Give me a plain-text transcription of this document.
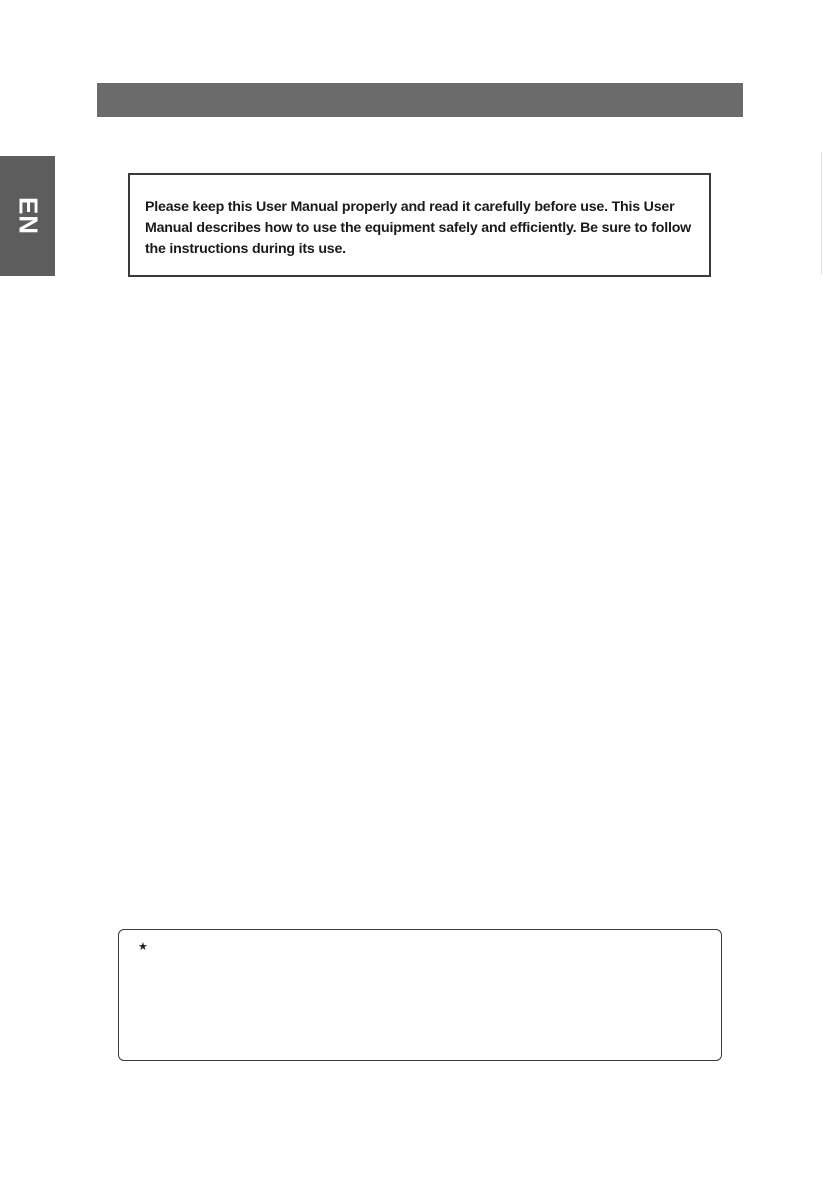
EN	Please keep this User Manual properly and read it carefully before use. This User Manual describes how to use the equipment safely and efficiently. Be sure to follow the instructions during its use.

★
